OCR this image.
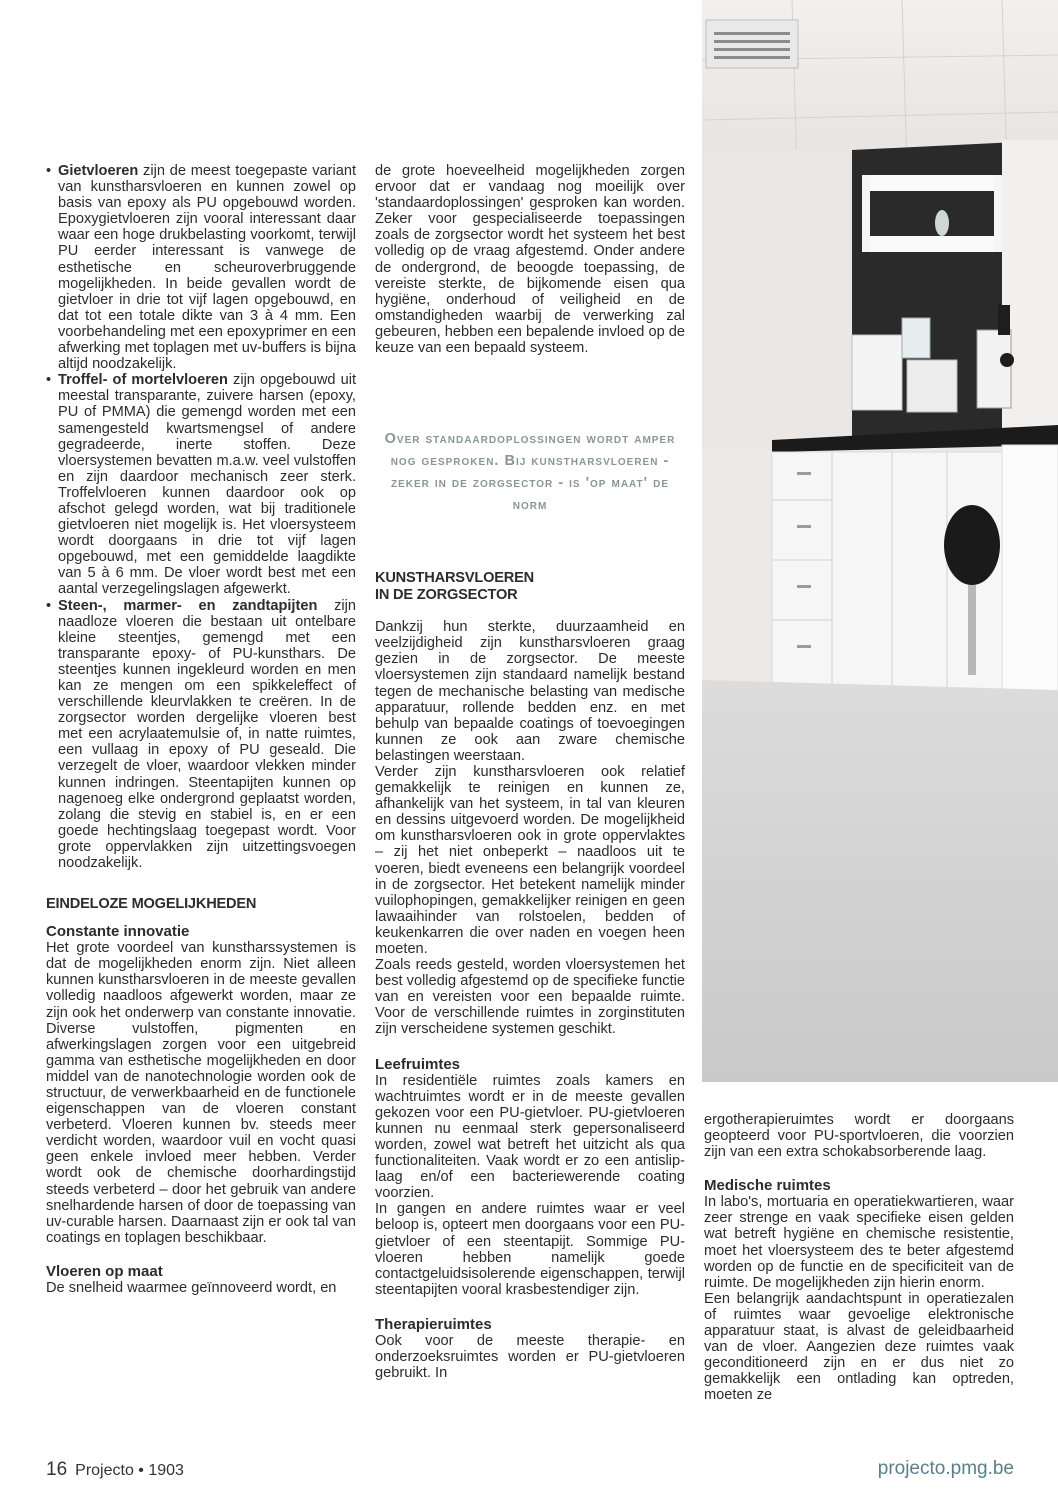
• Gietvloeren zijn de meest toegepaste variant van kunstharsvloeren en kunnen zowel op basis van epoxy als PU opgebouwd worden. Epoxygietvloeren zijn vooral interessant daar waar een hoge drukbelasting voorkomt, terwijl PU eerder interessant is vanwege de esthetische en scheuroverbruggende mogelijkheden. In beide gevallen wordt de gietvloer in drie tot vijf lagen opgebouwd, en dat tot een totale dikte van 3 à 4 mm. Een voorbehandeling met een epoxyprimer en een afwerking met toplagen met uv-buffers is bijna altijd noodzakelijk.

• Troffel- of mortelvloeren zijn opgebouwd uit meestal transparante, zuivere harsen (epoxy, PU of PMMA) die gemengd worden met een samengesteld kwartsmengsel of andere gegradeerde, inerte stoffen. Deze vloersystemen bevatten m.a.w. veel vulstoffen en zijn daardoor mechanisch zeer sterk. Troffelvloeren kunnen daardoor ook op afschot gelegd worden, wat bij traditionele gietvloeren niet mogelijk is. Het vloersysteem wordt doorgaans in drie tot vijf lagen opgebouwd, met een gemiddelde laagdikte van 5 à 6 mm. De vloer wordt best met een aantal verzegelingslagen afgewerkt.

• Steen-, marmer- en zandtapijten zijn naadloze vloeren die bestaan uit ontelbare kleine steentjes, gemengd met een transparante epoxy- of PU-kunsthars. De steentjes kunnen ingekleurd worden en men kan ze mengen om een spikkeleffect of verschillende kleurvlakken te creëren. In de zorgsector worden dergelijke vloeren best met een acrylaatemulsie of, in natte ruimtes, een vullaag in epoxy of PU geseald. Die verzegelt de vloer, waardoor vlekken minder kunnen indringen. Steentapijten kunnen op nagenoeg elke ondergrond geplaatst worden, zolang die stevig en stabiel is, en er een goede hechtingslaag toegepast wordt. Voor grote oppervlakken zijn uitzettingsvoegen noodzakelijk.

EINDELOZE MOGELIJKHEDEN

Constante innovatie

Het grote voordeel van kunstharssystemen is dat de mogelijkheden enorm zijn. Niet alleen kunnen kunstharsvloeren in de meeste gevallen volledig naadloos afgewerkt worden, maar ze zijn ook het onderwerp van constante innovatie. Diverse vulstoffen, pigmenten en afwerkingslagen zorgen voor een uitgebreid gamma van esthetische mogelijkheden en door middel van de nanotechnologie worden ook de structuur, de verwerkbaarheid en de functionele eigenschappen van de vloeren constant verbeterd. Vloeren kunnen bv. steeds meer verdicht worden, waardoor vuil en vocht quasi geen enkele invloed meer hebben. Verder wordt ook de chemische doorhardingstijd steeds verbeterd – door het gebruik van andere snelhardende harsen of door de toepassing van uv-curable harsen. Daarnaast zijn er ook tal van coatings en toplagen beschikbaar.

Vloeren op maat

De snelheid waarmee geïnnoveerd wordt, en

de grote hoeveelheid mogelijkheden zorgen ervoor dat er vandaag nog moeilijk over 'standaardoplossingen' gesproken kan worden. Zeker voor gespecialiseerde toepassingen zoals de zorgsector wordt het systeem het best volledig op de vraag afgestemd. Onder andere de ondergrond, de beoogde toepassing, de vereiste sterkte, de bijkomende eisen qua hygiëne, onderhoud of veiligheid en de omstandigheden waarbij de verwerking zal gebeuren, hebben een bepalende invloed op de keuze van een bepaald systeem.

KUNSTHARSVLOEREN
IN DE ZORGSECTOR

Dankzij hun sterkte, duurzaamheid en veelzijdigheid zijn kunstharsvloeren graag gezien in de zorgsector. De meeste vloersystemen zijn standaard namelijk bestand tegen de mechanische belasting van medische apparatuur, rollende bedden enz. en met behulp van bepaalde coatings of toevoegingen kunnen ze ook aan zware chemische belastingen weerstaan.

Verder zijn kunstharsvloeren ook relatief gemakkelijk te reinigen en kunnen ze, afhankelijk van het systeem, in tal van kleuren en dessins uitgevoerd worden. De mogelijkheid om kunstharsvloeren ook in grote oppervlaktes – zij het niet onbeperkt – naadloos uit te voeren, biedt eveneens een belangrijk voordeel in de zorgsector. Het betekent namelijk minder vuilophopingen, gemakkelijker reinigen en geen lawaaihinder van rolstoelen, bedden of keukenkarren die over naden en voegen heen moeten.

Zoals reeds gesteld, worden vloersystemen het best volledig afgestemd op de specifieke functie van en vereisten voor een bepaalde ruimte. Voor de verschillende ruimtes in zorginstituten zijn verscheidene systemen geschikt.

Leefruimtes

In residentiële ruimtes zoals kamers en wachtruimtes wordt er in de meeste gevallen gekozen voor een PU-gietvloer. PU-gietvloeren kunnen nu eenmaal sterk gepersonaliseerd worden, zowel wat betreft het uitzicht als qua functionaliteiten. Vaak wordt er zo een antislip-laag en/of een bacteriewerende coating voorzien.

In gangen en andere ruimtes waar er veel beloop is, opteert men doorgaans voor een PU-gietvloer of een steentapijt. Sommige PU-vloeren hebben namelijk goede contactgeluidsisolerende eigenschappen, terwijl steentapijten vooral krasbestendiger zijn.

Therapieruimtes

Ook voor de meeste therapie- en onderzoeksruimtes worden er PU-gietvloeren gebruikt. In

Over standaardoplossingen wordt amper nog gesproken. Bij kunstharsvloeren - zeker in de zorgsector - is 'op maat' de norm

ergotherapieruimtes wordt er doorgaans geopteerd voor PU-sportvloeren, die voorzien zijn van een extra schokabsorberende laag.

Medische ruimtes

In labo's, mortuaria en operatiekwartieren, waar zeer strenge en vaak specifieke eisen gelden wat betreft hygiëne en chemische resistentie, moet het vloersysteem des te beter afgestemd worden op de functie en de specificiteit van de ruimte. De mogelijkheden zijn hierin enorm.

Een belangrijk aandachtspunt in operatiezalen of ruimtes waar gevoelige elektronische apparatuur staat, is alvast de geleidbaarheid van de vloer. Aangezien deze ruimtes vaak geconditioneerd zijn en er dus niet zo gemakkelijk een ontlading kan optreden, moeten ze

16 Projecto • 1903	projecto.pmg.be
